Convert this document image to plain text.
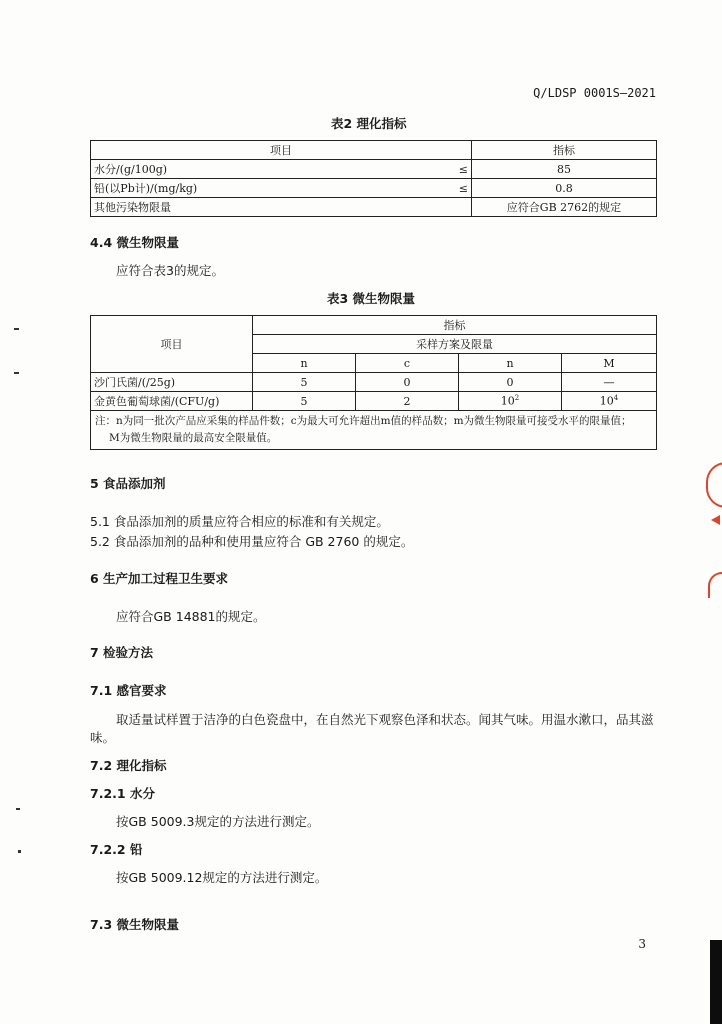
Q/LDSP 0001S—2021
表2 理化指标
项目		指标
水分/(g/100g)	≤	85
铅(以Pb计)/(mg/kg)	≤	0.8
其他污染物限量		应符合GB 2762的规定
4.4 微生物限量
应符合表3的规定。
表3 微生物限量
项目	指标			
	采样方案及限量			
	n	c	n	M
沙门氏菌/(/25g)	5	0	0	—
金黄色葡萄球菌/(CFU/g)	5	2	$10^2$	$10^4$

注：n为同一批次产品应采集的样品件数；c为最大可允许超出m值的样品数；m为微生物限量可接受水平的限量值；
M为微生物限量的最高安全限量值。				
5 食品添加剂
5.1 食品添加剂的质量应符合相应的标准和有关规定。
5.2 食品添加剂的品种和使用量应符合 GB 2760 的规定。
6 生产加工过程卫生要求
应符合GB 14881的规定。
7 检验方法
7.1 感官要求
取适量试样置于洁净的白色瓷盘中，在自然光下观察色泽和状态。闻其气味。用温水漱口，品其滋
味。
7.2 理化指标
7.2.1 水分
按GB 5009.3规定的方法进行测定。
7.2.2 铅
按GB 5009.12规定的方法进行测定。
7.3 微生物限量
3
